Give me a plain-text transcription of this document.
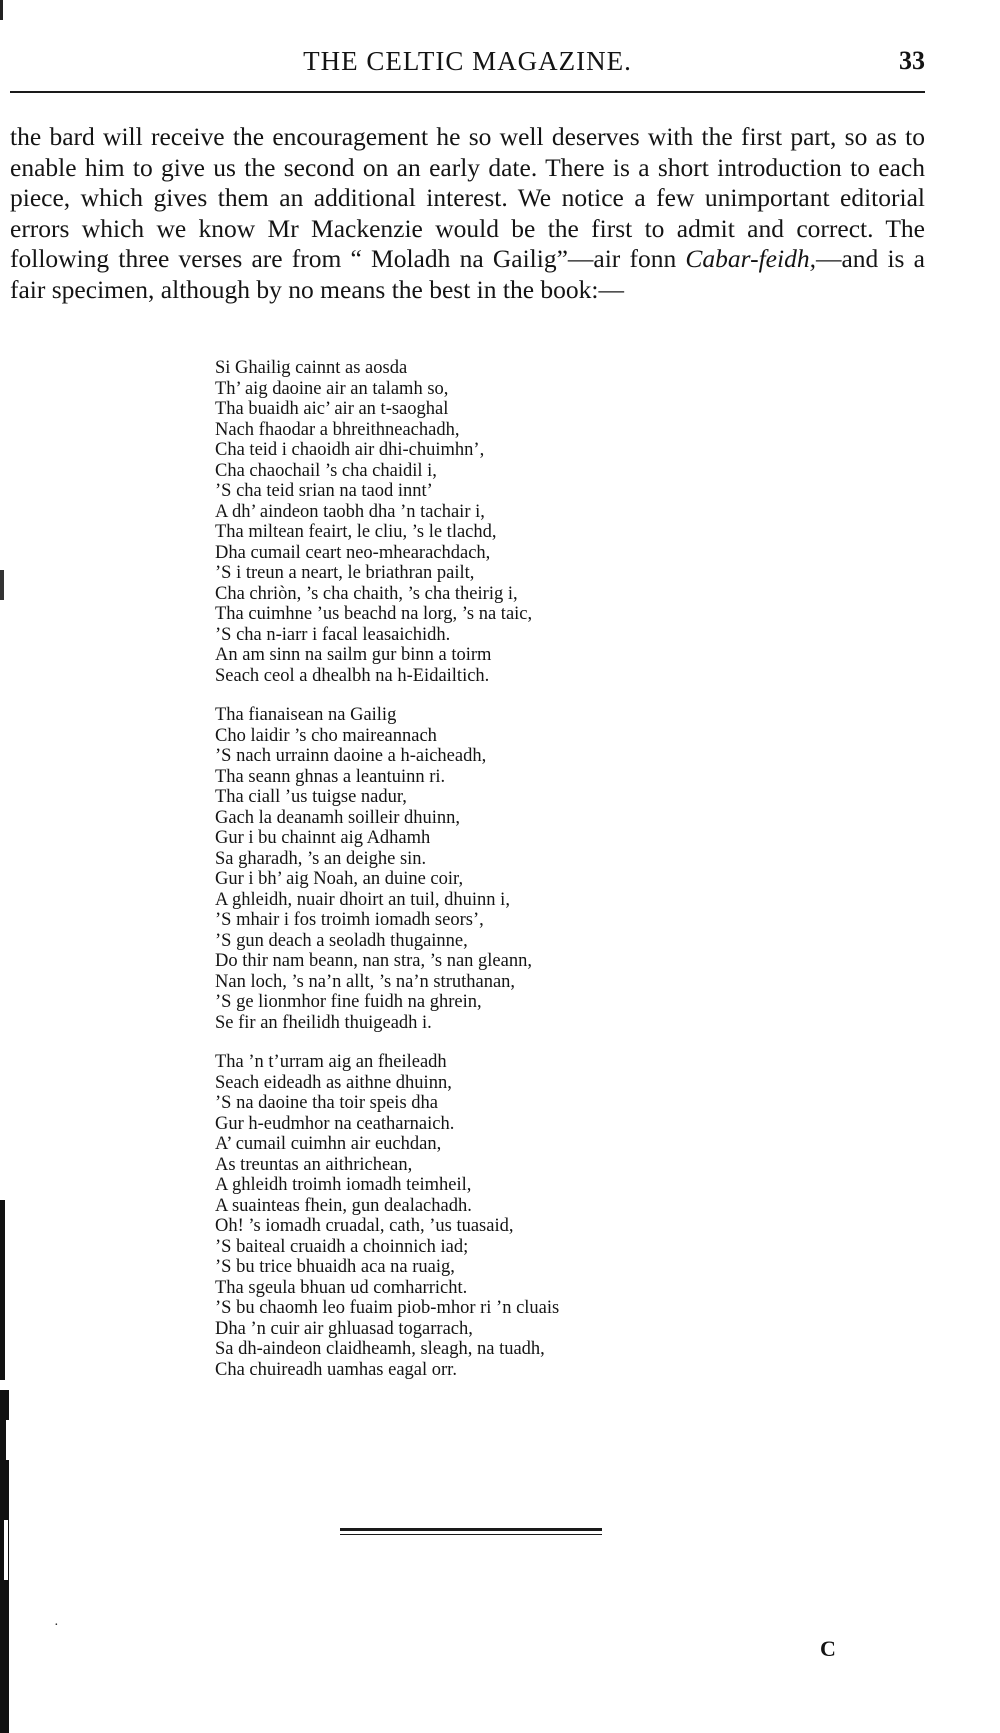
THE CELTIC MAGAZINE.	33

the bard will receive the encouragement he so well deserves with the first part, so as to enable him to give us the second on an early date. There is a short introduction to each piece, which gives them an additional interest. We notice a few unimportant editorial errors which we know Mr Mackenzie would be the first to admit and correct. The following three verses are from “ Moladh na Gailig”—air fonn Cabar-feidh,—and is a fair specimen, although by no means the best in the book:—

Si Ghailig cainnt as aosda
Th’ aig daoine air an talamh so,
Tha buaidh aic’ air an t-saoghal
Nach fhaodar a bhreithneachadh,
Cha teid i chaoidh air dhi-chuimhn’,
Cha chaochail ’s cha chaidil i,
’S cha teid srian na taod innt’
A dh’ aindeon taobh dha ’n tachair i,
Tha miltean feairt, le cliu, ’s le tlachd,
Dha cumail ceart neo-mhearachdach,
’S i treun a neart, le briathran pailt,
Cha chriòn, ’s cha chaith, ’s cha theirig i,
Tha cuimhne ’us beachd na lorg, ’s na taic,
’S cha n-iarr i facal leasaichidh.
An am sinn na sailm gur binn a toirm
Seach ceol a dhealbh na h-Eidailtich.
Tha fianaisean na Gailig
Cho laidir ’s cho maireannach
’S nach urrainn daoine a h-aicheadh,
Tha seann ghnas a leantuinn ri.
Tha ciall ’us tuigse nadur,
Gach la deanamh soilleir dhuinn,
Gur i bu chainnt aig Adhamh
Sa gharadh, ’s an deighe sin.
Gur i bh’ aig Noah, an duine coir,
A ghleidh, nuair dhoirt an tuil, dhuinn i,
’S mhair i fos troimh iomadh seors’,
’S gun deach a seoladh thugainne,
Do thir nam beann, nan stra, ’s nan gleann,
Nan loch, ’s na’n allt, ’s na’n struthanan,
’S ge lionmhor fine fuidh na ghrein,
Se fir an fheilidh thuigeadh i.
Tha ’n t’urram aig an fheileadh
Seach eideadh as aithne dhuinn,
’S na daoine tha toir speis dha
Gur h-eudmhor na ceatharnaich.
A’ cumail cuimhn air euchdan,
As treuntas an aithrichean,
A ghleidh troimh iomadh teimheil,
A suainteas fhein, gun dealachadh.
Oh! ’s iomadh cruadal, cath, ’us tuasaid,
’S baiteal cruaidh a choinnich iad;
’S bu trice bhuaidh aca na ruaig,
Tha sgeula bhuan ud comharricht.
’S bu chaomh leo fuaim piob-mhor ri ’n cluais
Dha ’n cuir air ghluasad togarrach,
Sa dh-aindeon claidheamh, sleagh, na tuadh,
Cha chuireadh uamhas eagal orr.
·
C
